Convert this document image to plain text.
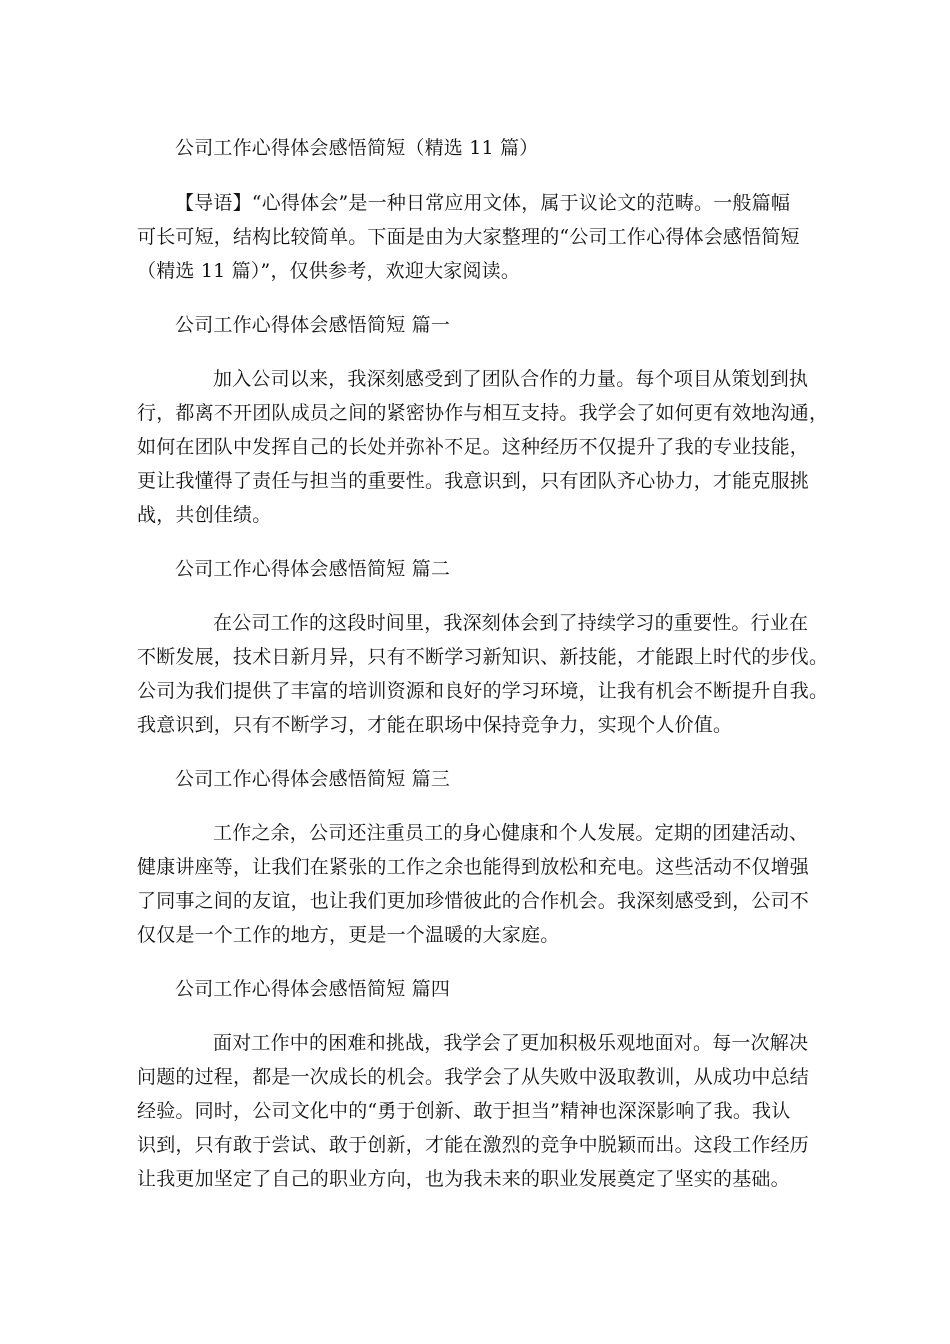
公司工作心得体会感悟简短（精选 11 篇）
【导语】“心得体会”是一种日常应用文体，属于议论文的范畴。一般篇幅
可长可短，结构比较简单。下面是由为大家整理的“公司工作心得体会感悟简短
（精选 11 篇）”，仅供参考，欢迎大家阅读。
公司工作心得体会感悟简短 篇一
加入公司以来，我深刻感受到了团队合作的力量。每个项目从策划到执
行，都离不开团队成员之间的紧密协作与相互支持。我学会了如何更有效地沟通，
如何在团队中发挥自己的长处并弥补不足。这种经历不仅提升了我的专业技能，
更让我懂得了责任与担当的重要性。我意识到，只有团队齐心协力，才能克服挑
战，共创佳绩。
公司工作心得体会感悟简短 篇二
在公司工作的这段时间里，我深刻体会到了持续学习的重要性。行业在
不断发展，技术日新月异，只有不断学习新知识、新技能，才能跟上时代的步伐。
公司为我们提供了丰富的培训资源和良好的学习环境，让我有机会不断提升自我。
我意识到，只有不断学习，才能在职场中保持竞争力，实现个人价值。
公司工作心得体会感悟简短 篇三
工作之余，公司还注重员工的身心健康和个人发展。定期的团建活动、
健康讲座等，让我们在紧张的工作之余也能得到放松和充电。这些活动不仅增强
了同事之间的友谊，也让我们更加珍惜彼此的合作机会。我深刻感受到，公司不
仅仅是一个工作的地方，更是一个温暖的大家庭。
公司工作心得体会感悟简短 篇四
面对工作中的困难和挑战，我学会了更加积极乐观地面对。每一次解决
问题的过程，都是一次成长的机会。我学会了从失败中汲取教训，从成功中总结
经验。同时，公司文化中的“勇于创新、敢于担当”精神也深深影响了我。我认
识到，只有敢于尝试、敢于创新，才能在激烈的竞争中脱颖而出。这段工作经历
让我更加坚定了自己的职业方向，也为我未来的职业发展奠定了坚实的基础。
